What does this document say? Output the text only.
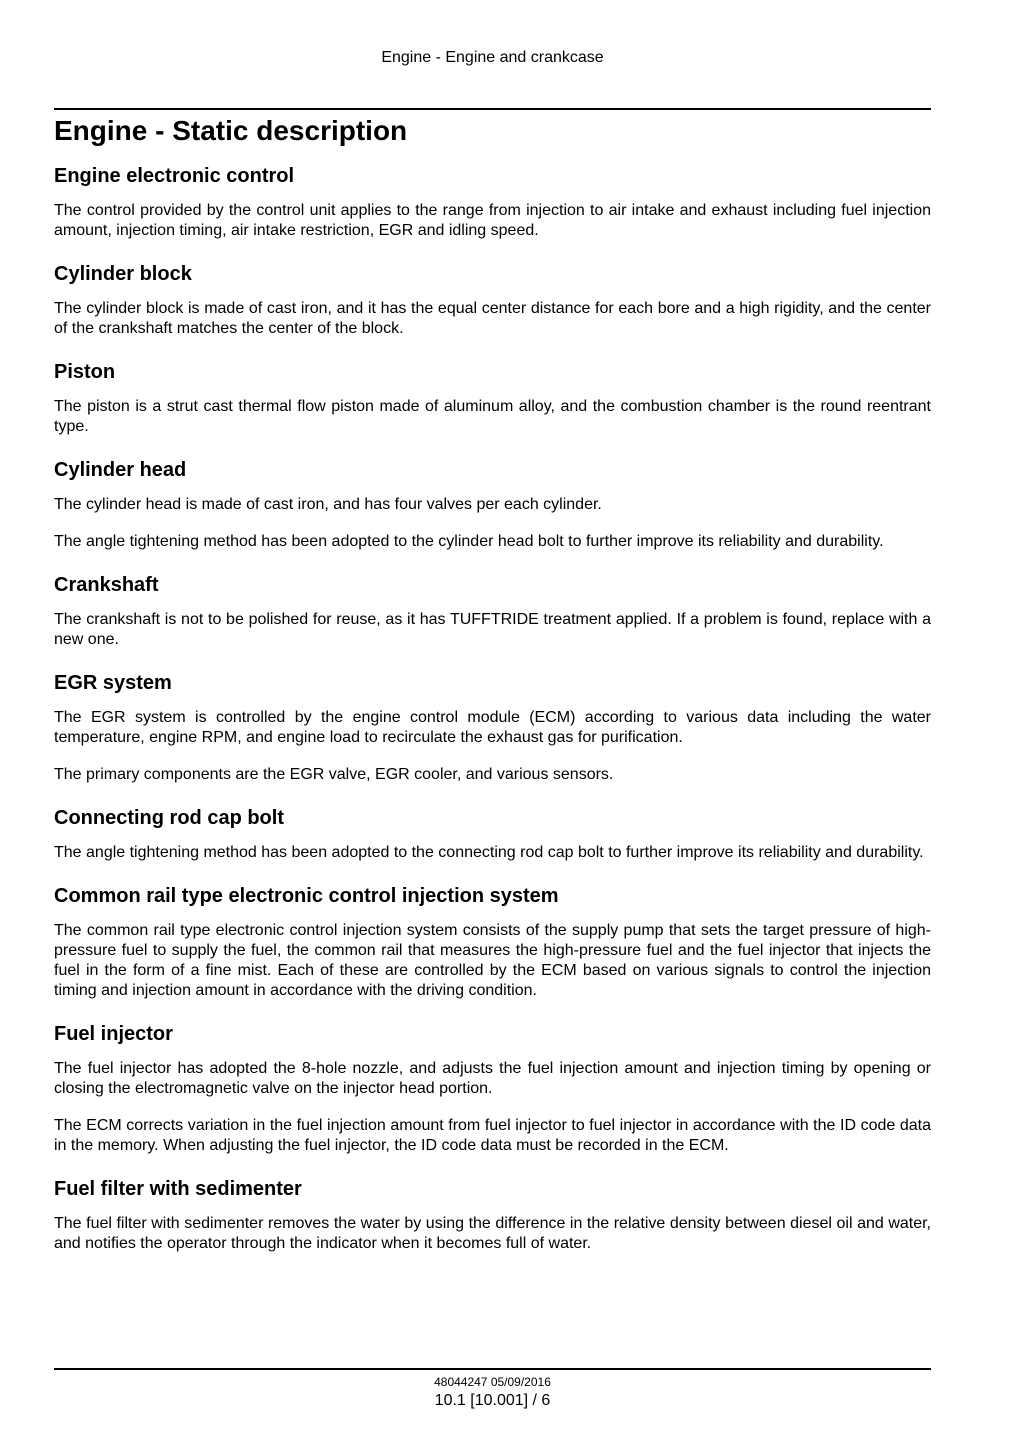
Engine - Engine and crankcase
Engine - Static description
Engine electronic control

The control provided by the control unit applies to the range from injection to air intake and exhaust including fuel injection amount, injection timing, air intake restriction, EGR and idling speed.

Cylinder block

The cylinder block is made of cast iron, and it has the equal center distance for each bore and a high rigidity, and the center of the crankshaft matches the center of the block.

Piston

The piston is a strut cast thermal flow piston made of aluminum alloy, and the combustion chamber is the round reentrant type.

Cylinder head

The cylinder head is made of cast iron, and has four valves per each cylinder.

The angle tightening method has been adopted to the cylinder head bolt to further improve its reliability and durability.

Crankshaft

The crankshaft is not to be polished for reuse, as it has TUFFTRIDE treatment applied. If a problem is found, replace with a new one.

EGR system

The EGR system is controlled by the engine control module (ECM) according to various data including the water temperature, engine RPM, and engine load to recirculate the exhaust gas for purification.

The primary components are the EGR valve, EGR cooler, and various sensors.

Connecting rod cap bolt

The angle tightening method has been adopted to the connecting rod cap bolt to further improve its reliability and durability.

Common rail type electronic control injection system

The common rail type electronic control injection system consists of the supply pump that sets the target pressure of high-pressure fuel to supply the fuel, the common rail that measures the high-pressure fuel and the fuel injector that injects the fuel in the form of a fine mist. Each of these are controlled by the ECM based on various signals to control the injection timing and injection amount in accordance with the driving condition.

Fuel injector

The fuel injector has adopted the 8-hole nozzle, and adjusts the fuel injection amount and injection timing by opening or closing the electromagnetic valve on the injector head portion.

The ECM corrects variation in the fuel injection amount from fuel injector to fuel injector in accordance with the ID code data in the memory. When adjusting the fuel injector, the ID code data must be recorded in the ECM.

Fuel filter with sedimenter

The fuel filter with sedimenter removes the water by using the difference in the relative density between diesel oil and water, and notifies the operator through the indicator when it becomes full of water.

48044247 05/09/2016
10.1 [10.001] / 6
